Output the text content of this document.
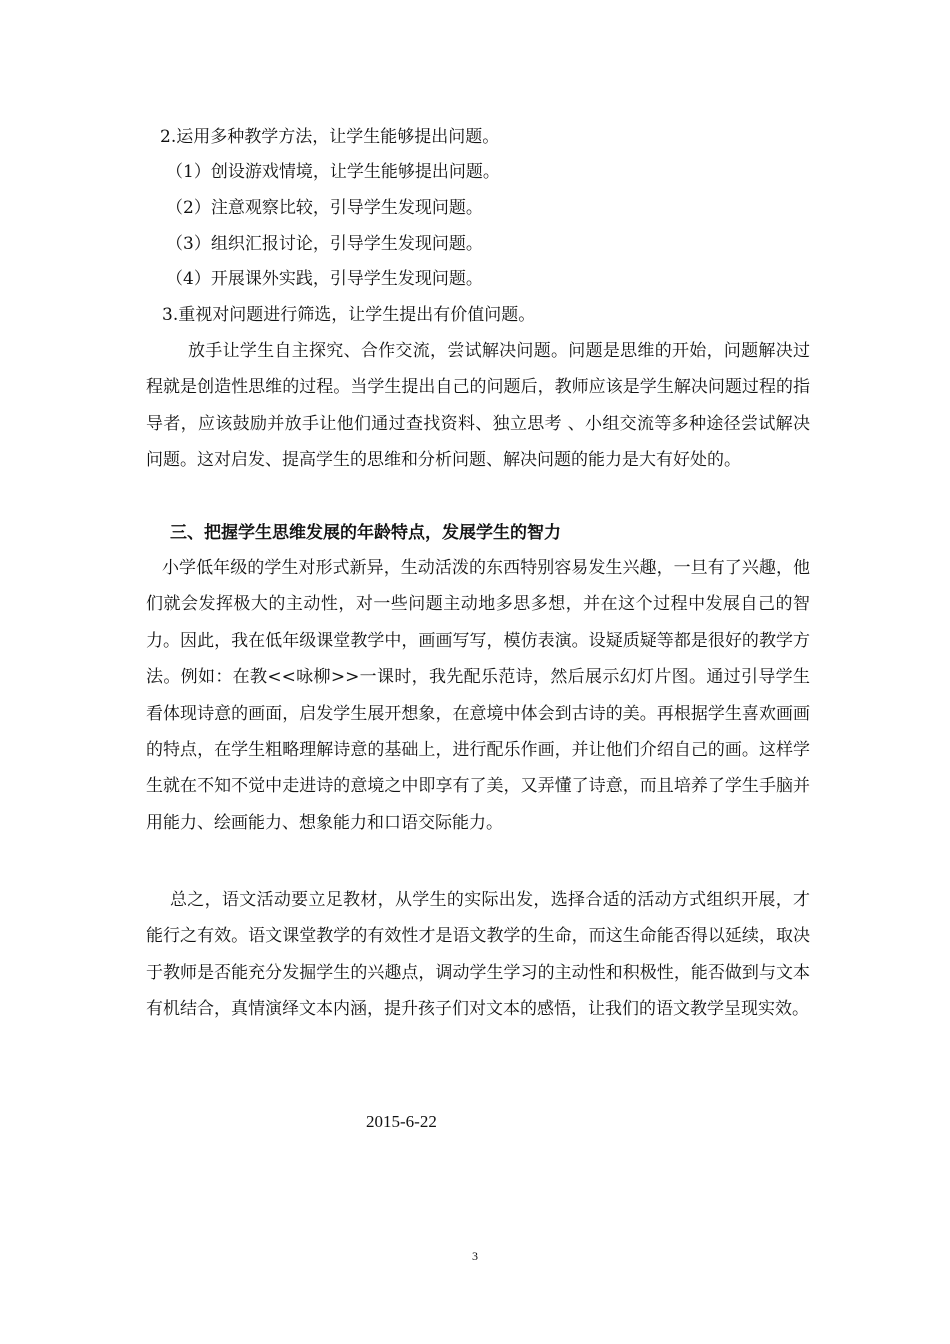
2.运用多种教学方法，让学生能够提出问题。
（1）创设游戏情境，让学生能够提出问题。
（2）注意观察比较，引导学生发现问题。
（3）组织汇报讨论，引导学生发现问题。
（4）开展课外实践，引导学生发现问题。
3.重视对问题进行筛选，让学生提出有价值问题。
放手让学生自主探究、合作交流，尝试解决问题。问题是思维的开始，问题解决过程就是创造性思维的过程。当学生提出自己的问题后，教师应该是学生解决问题过程的指导者，应该鼓励并放手让他们通过查找资料、独立思考 、小组交流等多种途径尝试解决问题。这对启发、提高学生的思维和分析问题、解决问题的能力是大有好处的。
三、把握学生思维发展的年龄特点，发展学生的智力
小学低年级的学生对形式新异，生动活泼的东西特别容易发生兴趣，一旦有了兴趣，他们就会发挥极大的主动性，对一些问题主动地多思多想，并在这个过程中发展自己的智力。因此，我在低年级课堂教学中，画画写写，模仿表演。设疑质疑等都是很好的教学方法。例如：在教<<咏柳>>一课时，我先配乐范诗，然后展示幻灯片图。通过引导学生看体现诗意的画面，启发学生展开想象，在意境中体会到古诗的美。再根据学生喜欢画画的特点，在学生粗略理解诗意的基础上，进行配乐作画，并让他们介绍自己的画。这样学生就在不知不觉中走进诗的意境之中即享有了美，又弄懂了诗意，而且培养了学生手脑并用能力、绘画能力、想象能力和口语交际能力。
总之，语文活动要立足教材，从学生的实际出发，选择合适的活动方式组织开展，才能行之有效。语文课堂教学的有效性才是语文教学的生命，而这生命能否得以延续，取决于教师是否能充分发掘学生的兴趣点，调动学生学习的主动性和积极性，能否做到与文本有机结合，真情演绎文本内涵，提升孩子们对文本的感悟，让我们的语文教学呈现实效。
2015-6-22
3
